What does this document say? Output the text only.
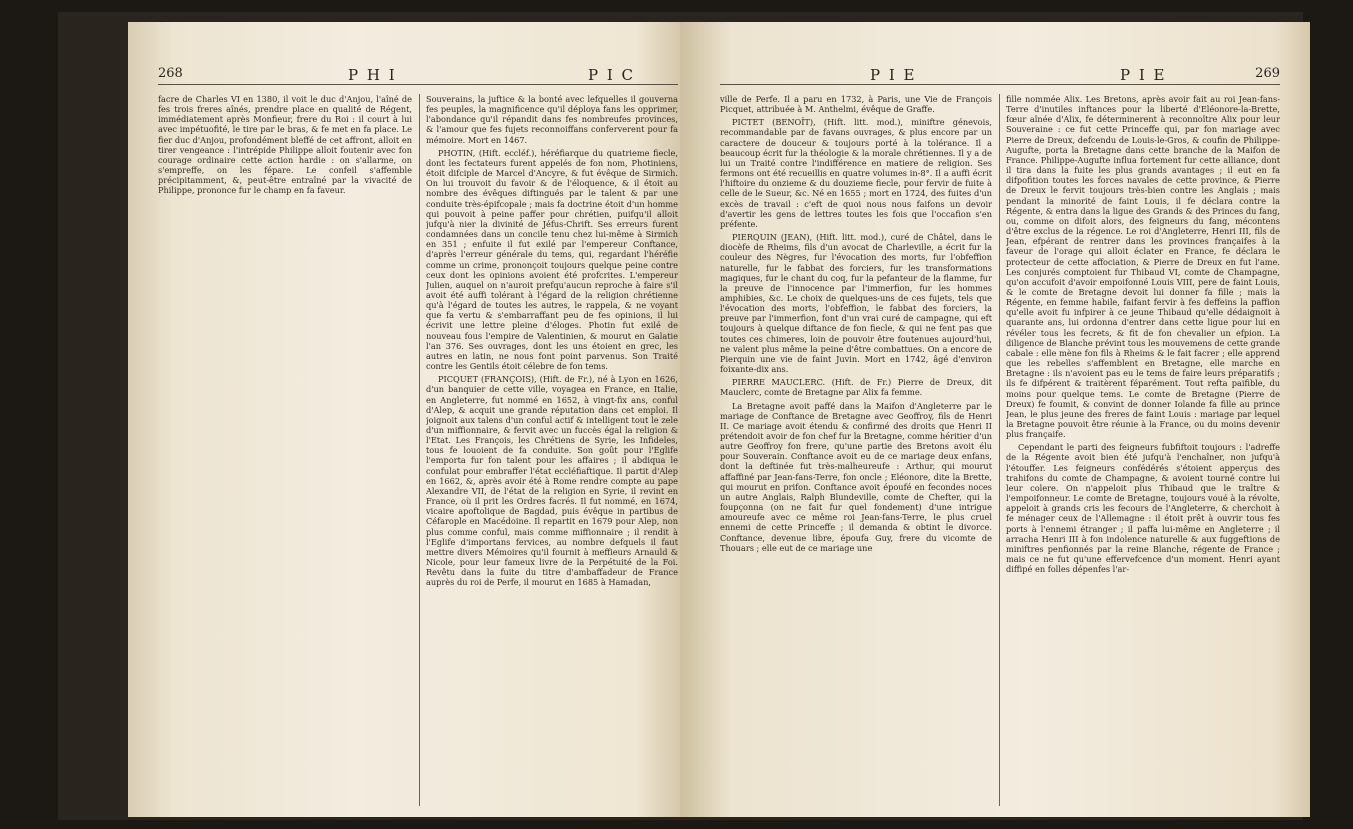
268	P H I	P I C

facre de Charles VI en 1380, il voit le duc d'Anjou, l'aîné de fes trois freres aînés, prendre place en qualité de Régent, immédiatement après Monfieur, frere du Roi : il court à lui avec impétuofité, le tire par le bras, & fe met en fa place. Le fier duc d'Anjou, profondément bleffé de cet affront, alloit en tirer vengeance : l'intrépide Philippe alloit foutenir avec fon courage ordinaire cette action hardie : on s'allarme, on s'empreffe, on les fépare. Le confeil s'affemble précipitamment, &, peut-être entraîné par la vivacité de Philippe, prononce fur le champ en fa faveur.

Souverains, la juftice & la bonté avec lefquelles il gouverna fes peuples, la magnificence qu'il déploya fans les opprimer, l'abondance qu'il répandit dans fes nombreufes provinces, & l'amour que fes fujets reconnoiffans conferverent pour fa mémoire. Mort en 1467.

PHOTIN, (Hift. eccléf.), héréfiarque du quatrieme fiecle, dont les fectateurs furent appelés de fon nom, Photiniens, étoit difciple de Marcel d'Ancyre, & fut évêque de Sirmich. On lui trouvoit du favoir & de l'éloquence, & il étoit au nombre des évêques diftingués par le talent & par une conduite très-épifcopale ; mais fa doctrine étoit d'un homme qui pouvoit à peine paffer pour chrétien, puifqu'il alloit jufqu'à nier la divinité de Jéfus-Chrift. Ses erreurs furent condamnées dans un concile tenu chez lui-même à Sirmich en 351 ; enfuite il fut exilé par l'empereur Conftance, d'après l'erreur générale du tems, qui, regardant l'héréfie comme un crime, prononçoit toujours quelque peine contre ceux dont les opinions avoient été profcrites. L'empereur Julien, auquel on n'auroit prefqu'aucun reproche à faire s'il avoit été auffi tolérant à l'égard de la religion chrétienne qu'à l'égard de toutes les autres, le rappela, & ne voyant que fa vertu & s'embarraffant peu de fes opinions, il lui écrivit une lettre pleine d'éloges. Photin fut exilé de nouveau fous l'empire de Valentinien, & mourut en Galatie l'an 376. Ses ouvrages, dont les uns étoient en grec, les autres en latin, ne nous font point parvenus. Son Traité contre les Gentils étoit célebre de fon tems.

PICQUET (FRANÇOIS), (Hift. de Fr.), né à Lyon en 1626, d'un banquier de cette ville, voyagea en France, en Italie, en Angleterre, fut nommé en 1652, à vingt-fix ans, conful d'Alep, & acquit une grande réputation dans cet emploi. Il joignoit aux talens d'un conful actif & intelligent tout le zele d'un miffionnaire, & fervit avec un fuccès égal la religion & l'Etat. Les François, les Chrétiens de Syrie, les Infideles, tous fe louoient de fa conduite. Son goût pour l'Eglife l'emporta fur fon talent pour les affaires ; il abdiqua le confulat pour embraffer l'état eccléfiaftique. Il partit d'Alep en 1662, &, après avoir été à Rome rendre compte au pape Alexandre VII, de l'état de la religion en Syrie, il revint en France, où il prit les Ordres facrés. Il fut nommé, en 1674, vicaire apoftolique de Bagdad, puis évêque in partibus de Céfarople en Macédoine. Il repartit en 1679 pour Alep, non plus comme conful, mais comme miffionnaire ; il rendit à l'Eglife d'importans fervices, au nombre defquels il faut mettre divers Mémoires qu'il fournit à meffieurs Arnauld & Nicole, pour leur fameux livre de la Perpétuité de la Foi. Revêtu dans la fuite du titre d'ambaffadeur de France auprès du roi de Perfe, il mourut en 1685 à Hamadan,

P I E	P I E	269

ville de Perfe. Il a paru en 1732, à Paris, une Vie de François Picquet, attribuée à M. Anthelmi, évêque de Graffe.

PICTET (BENOÎT), (Hift. litt. mod.), miniftre génevois, recommandable par de favans ouvrages, & plus encore par un caractere de douceur & toujours porté à la tolérance. Il a beaucoup écrit fur la théologie & la morale chrétiennes. Il y a de lui un Traité contre l'indifférence en matiere de religion. Ses fermons ont été recueillis en quatre volumes in-8°. Il a auffi écrit l'hiftoire du onzieme & du douzieme fiecle, pour fervir de fuite à celle de le Sueur, &c. Né en 1655 ; mort en 1724, des fuites d'un excès de travail : c'eft de quoi nous nous faifons un devoir d'avertir les gens de lettres toutes les fois que l'occafion s'en préfente.

PIERQUIN (JEAN), (Hift. litt. mod.), curé de Châtel, dans le diocèfe de Rheims, fils d'un avocat de Charleville, a écrit fur la couleur des Nègres, fur l'évocation des morts, fur l'obfeffion naturelle, fur le fabbat des forciers, fur les transformations magiques, fur le chant du coq, fur la pefanteur de la flamme, fur la preuve de l'innocence par l'immerfion, fur les hommes amphibies, &c. Le choix de quelques-uns de ces fujets, tels que l'évocation des morts, l'obfeffion, le fabbat des forciers, la preuve par l'immerfion, font d'un vrai curé de campagne, qui eft toujours à quelque diftance de fon fiecle, & qui ne fent pas que toutes ces chimeres, loin de pouvoir être foutenues aujourd'hui, ne valent plus même la peine d'être combattues. On a encore de Pierquin une vie de faint Juvin. Mort en 1742, âgé d'environ foixante-dix ans.

PIERRE MAUCLERC. (Hift. de Fr.) Pierre de Dreux, dit Mauclerc, comte de Bretagne par Alix fa femme.

La Bretagne avoit paffé dans la Maifon d'Angleterre par le mariage de Conftance de Bretagne avec Geoffroy, fils de Henri II. Ce mariage avoit étendu & confirmé des droits que Henri II prétendoit avoir de fon chef fur la Bretagne, comme héritier d'un autre Geoffroy fon frere, qu'une partie des Bretons avoit élu pour Souverain. Conftance avoit eu de ce mariage deux enfans, dont la deftinée fut très-malheureufe : Arthur, qui mourut affaffiné par Jean-fans-Terre, fon oncle ; Eléonore, dite la Brette, qui mourut en prifon. Conftance avoit époufé en fecondes noces un autre Anglais, Ralph Blundeville, comte de Chefter, qui la foupçonna (on ne fait fur quel fondement) d'une intrigue amoureufe avec ce même roi Jean-fans-Terre, le plus cruel ennemi de cette Princeffe ; il demanda & obtint le divorce. Conftance, devenue libre, époufa Guy, frere du vicomte de Thouars ; elle eut de ce mariage une

fille nommée Alix. Les Bretons, après avoir fait au roi Jean-fans-Terre d'inutiles inftances pour la liberté d'Eléonore-la-Brette, fœur aînée d'Alix, fe déterminerent à reconnoître Alix pour leur Souveraine : ce fut cette Princeffe qui, par fon mariage avec Pierre de Dreux, defcendu de Louis-le-Gros, & coufin de Philippe-Augufte, porta la Bretagne dans cette branche de la Maifon de France. Philippe-Augufte influa fortement fur cette alliance, dont il tira dans la fuite les plus grands avantages ; il eut en fa difpofition toutes les forces navales de cette province, & Pierre de Dreux le fervit toujours très-bien contre les Anglais ; mais pendant la minorité de faint Louis, il fe déclara contre la Régente, & entra dans la ligue des Grands & des Princes du fang, ou, comme on difoit alors, des feigneurs du fang, mécontens d'être exclus de la régence. Le roi d'Angleterre, Henri III, fils de Jean, efpérant de rentrer dans les provinces françaifes à la faveur de l'orage qui alloit éclater en France, fe déclara le protecteur de cette affociation, & Pierre de Dreux en fut l'ame. Les conjurés comptoient fur Thibaud VI, comte de Champagne, qu'on accufoit d'avoir empoifonné Louis VIII, pere de faint Louis, & le comte de Bretagne devoit lui donner fa fille ; mais la Régente, en femme habile, faifant fervir à fes deffeins la paffion qu'elle avoit fu infpirer à ce jeune Thibaud qu'elle dédaignoit à quarante ans, lui ordonna d'entrer dans cette ligue pour lui en révéler tous les fecrets, & fit de fon chevalier un efpion. La diligence de Blanche prévint tous les mouvemens de cette grande cabale : elle mène fon fils à Rheims & le fait facrer ; elle apprend que les rebelles s'affemblent en Bretagne, elle marche en Bretagne : ils n'avoient pas eu le tems de faire leurs préparatifs ; ils fe difpérent & traitèrent féparément. Tout refta paifible, du moins pour quelque tems. Le comte de Bretagne (Pierre de Dreux) fe foumit, & convint de donner Iolande fa fille au prince Jean, le plus jeune des freres de faint Louis : mariage par lequel la Bretagne pouvoit être réunie à la France, ou du moins devenir plus françaife.

Cependant le parti des feigneurs fubfiftoit toujours : l'adreffe de la Régente avoit bien été jufqu'à l'enchaîner, non jufqu'à l'étouffer. Les feigneurs confédérés s'étoient apperçus des trahifons du comte de Champagne, & avoient tourné contre lui leur colere. On n'appeloit plus Thibaud que le traître & l'empoifonneur. Le comte de Bretagne, toujours voué à la révolte, appeloit à grands cris les fecours de l'Angleterre, & cherchoit à fe ménager ceux de l'Allemagne : il étoit prêt à ouvrir tous fes ports à l'ennemi étranger ; il paffa lui-même en Angleterre ; il arracha Henri III à fon indolence naturelle & aux fuggeftions de miniftres penfionnés par la reine Blanche, régente de France ; mais ce ne fut qu'une effervefcence d'un moment. Henri ayant diffipé en folles dépenfes l'ar-
